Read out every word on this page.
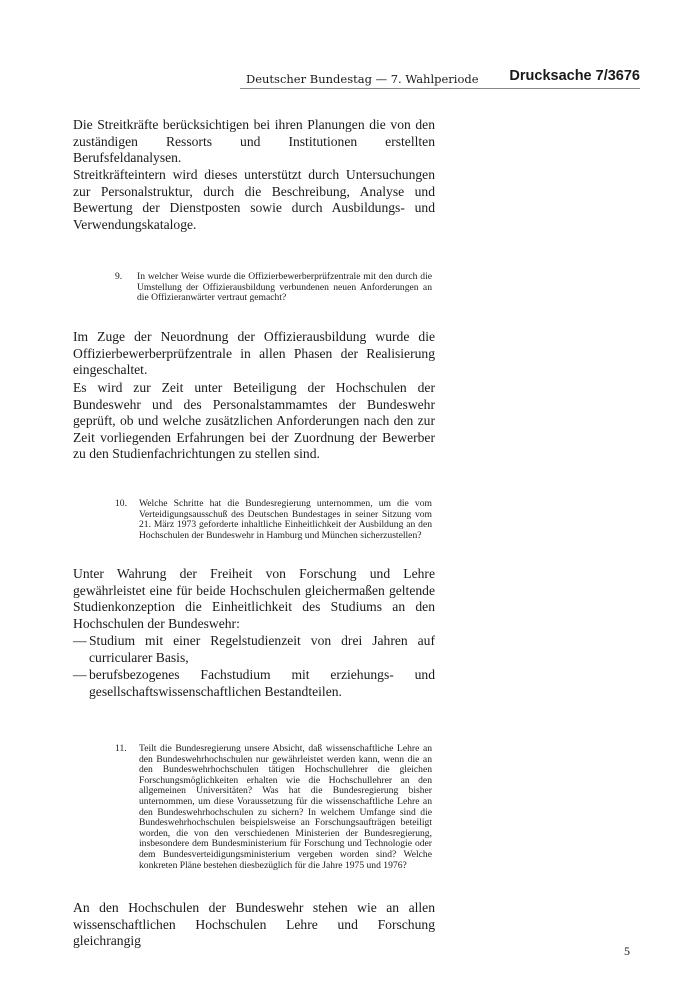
Deutscher Bundestag — 7. Wahlperiode Drucksache 7/3676

Die Streitkräfte berücksichtigen bei ihren Planungen die von den zuständigen Ressorts und Institutionen erstellten Berufsfeldanalysen.

Streitkräfteintern wird dieses unterstützt durch Untersuchungen zur Personalstruktur, durch die Beschreibung, Analyse und Bewertung der Dienstposten sowie durch Ausbildungs- und Verwendungskataloge.

9.	In welcher Weise wurde die Offizierbewerberprüfzentrale mit den durch die Umstellung der Offizierausbildung verbundenen neuen Anforderungen an die Offizieranwärter vertraut gemacht?

Im Zuge der Neuordnung der Offizierausbildung wurde die Offizierbewerberprüfzentrale in allen Phasen der Realisierung eingeschaltet.

Es wird zur Zeit unter Beteiligung der Hochschulen der Bundeswehr und des Personalstammamtes der Bundeswehr geprüft, ob und welche zusätzlichen Anforderungen nach den zur Zeit vorliegenden Erfahrungen bei der Zuordnung der Bewerber zu den Studienfachrichtungen zu stellen sind.

10.	Welche Schritte hat die Bundesregierung unternommen, um die vom Verteidigungsausschuß des Deutschen Bundestages in seiner Sitzung vom 21. März 1973 geforderte inhaltliche Einheitlichkeit der Ausbildung an den Hochschulen der Bundeswehr in Hamburg und München sicherzustellen?

Unter Wahrung der Freiheit von Forschung und Lehre gewährleistet eine für beide Hochschulen gleichermaßen geltende Studienkonzeption die Einheitlichkeit des Studiums an den Hochschulen der Bundeswehr:

— Studium mit einer Regelstudienzeit von drei Jahren auf curricularer Basis,
— berufsbezogenes Fachstudium mit erziehungs- und gesellschaftswissenschaftlichen Bestandteilen.
11.	Teilt die Bundesregierung unsere Absicht, daß wissenschaftliche Lehre an den Bundeswehrhochschulen nur gewährleistet werden kann, wenn die an den Bundeswehrhochschulen tätigen Hochschullehrer die gleichen Forschungsmöglichkeiten erhalten wie die Hochschullehrer an den allgemeinen Universitäten? Was hat die Bundesregierung bisher unternommen, um diese Voraussetzung für die wissenschaftliche Lehre an den Bundeswehrhochschulen zu sichern? In welchem Umfange sind die Bundeswehrhochschulen beispielsweise an Forschungsaufträgen beteiligt worden, die von den verschiedenen Ministerien der Bundesregierung, insbesondere dem Bundesministerium für Forschung und Technologie oder dem Bundesverteidigungsministerium vergeben worden sind? Welche konkreten Pläne bestehen diesbezüglich für die Jahre 1975 und 1976?

An den Hochschulen der Bundeswehr stehen wie an allen wissenschaftlichen Hochschulen Lehre und Forschung gleichrangig

5
